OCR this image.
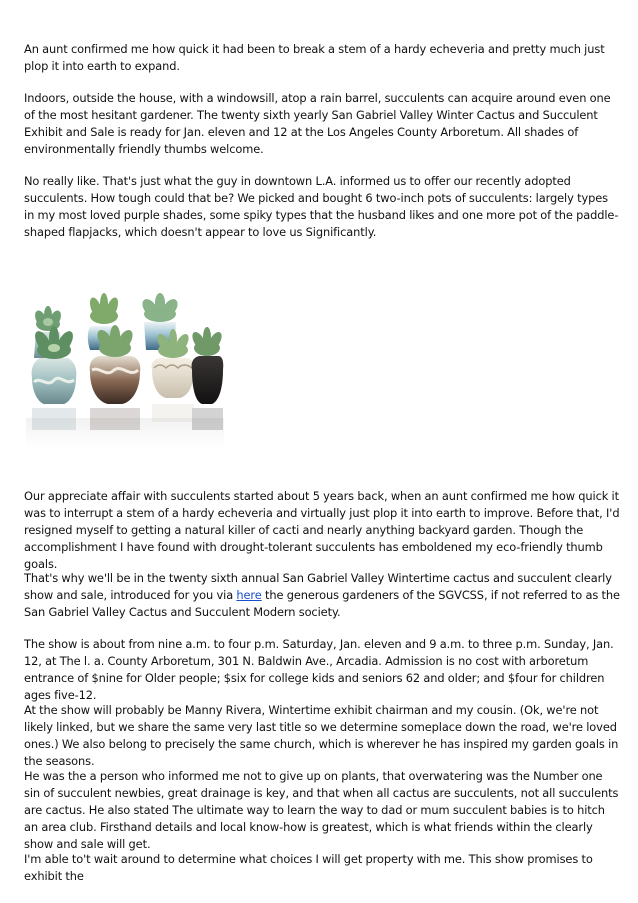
An aunt confirmed me how quick it had been to break a stem of a hardy echeveria and pretty much just plop it into earth to expand.

Indoors, outside the house, with a windowsill, atop a rain barrel, succulents can acquire around even one of the most hesitant gardener. The twenty sixth yearly San Gabriel Valley Winter Cactus and Succulent Exhibit and Sale is ready for Jan. eleven and 12 at the Los Angeles County Arboretum. All shades of environmentally friendly thumbs welcome.

No really like. That's just what the guy in downtown L.A. informed us to offer our recently adopted succulents. How tough could that be? We picked and bought 6 two-inch pots of succulents: largely types in my most loved purple shades, some spiky types that the husband likes and one more pot of the paddle-shaped flapjacks, which doesn't appear to love us Significantly.

Our appreciate affair with succulents started about 5 years back, when an aunt confirmed me how quick it was to interrupt a stem of a hardy echeveria and virtually just plop it into earth to improve. Before that, I'd resigned myself to getting a natural killer of cacti and nearly anything backyard garden. Though the accomplishment I have found with drought-tolerant succulents has emboldened my eco-friendly thumb goals.

That's why we'll be in the twenty sixth annual San Gabriel Valley Wintertime cactus and succulent clearly show and sale, introduced for you via here the generous gardeners of the SGVCSS, if not referred to as the San Gabriel Valley Cactus and Succulent Modern society.

The show is about from nine a.m. to four p.m. Saturday, Jan. eleven and 9 a.m. to three p.m. Sunday, Jan. 12, at The l. a. County Arboretum, 301 N. Baldwin Ave., Arcadia. Admission is no cost with arboretum entrance of $nine for Older people; $six for college kids and seniors 62 and older; and $four for children ages five-12.

At the show will probably be Manny Rivera, Wintertime exhibit chairman and my cousin. (Ok, we're not likely linked, but we share the same very last title so we determine someplace down the road, we're loved ones.) We also belong to precisely the same church, which is wherever he has inspired my garden goals in the seasons.

He was the a person who informed me not to give up on plants, that overwatering was the Number one sin of succulent newbies, great drainage is key, and that when all cactus are succulents, not all succulents are cactus. He also stated The ultimate way to learn the way to dad or mum succulent babies is to hitch an area club. Firsthand details and local know-how is greatest, which is what friends within the clearly show and sale will get.

I'm able to't wait around to determine what choices I will get property with me. This show promises to exhibit the
